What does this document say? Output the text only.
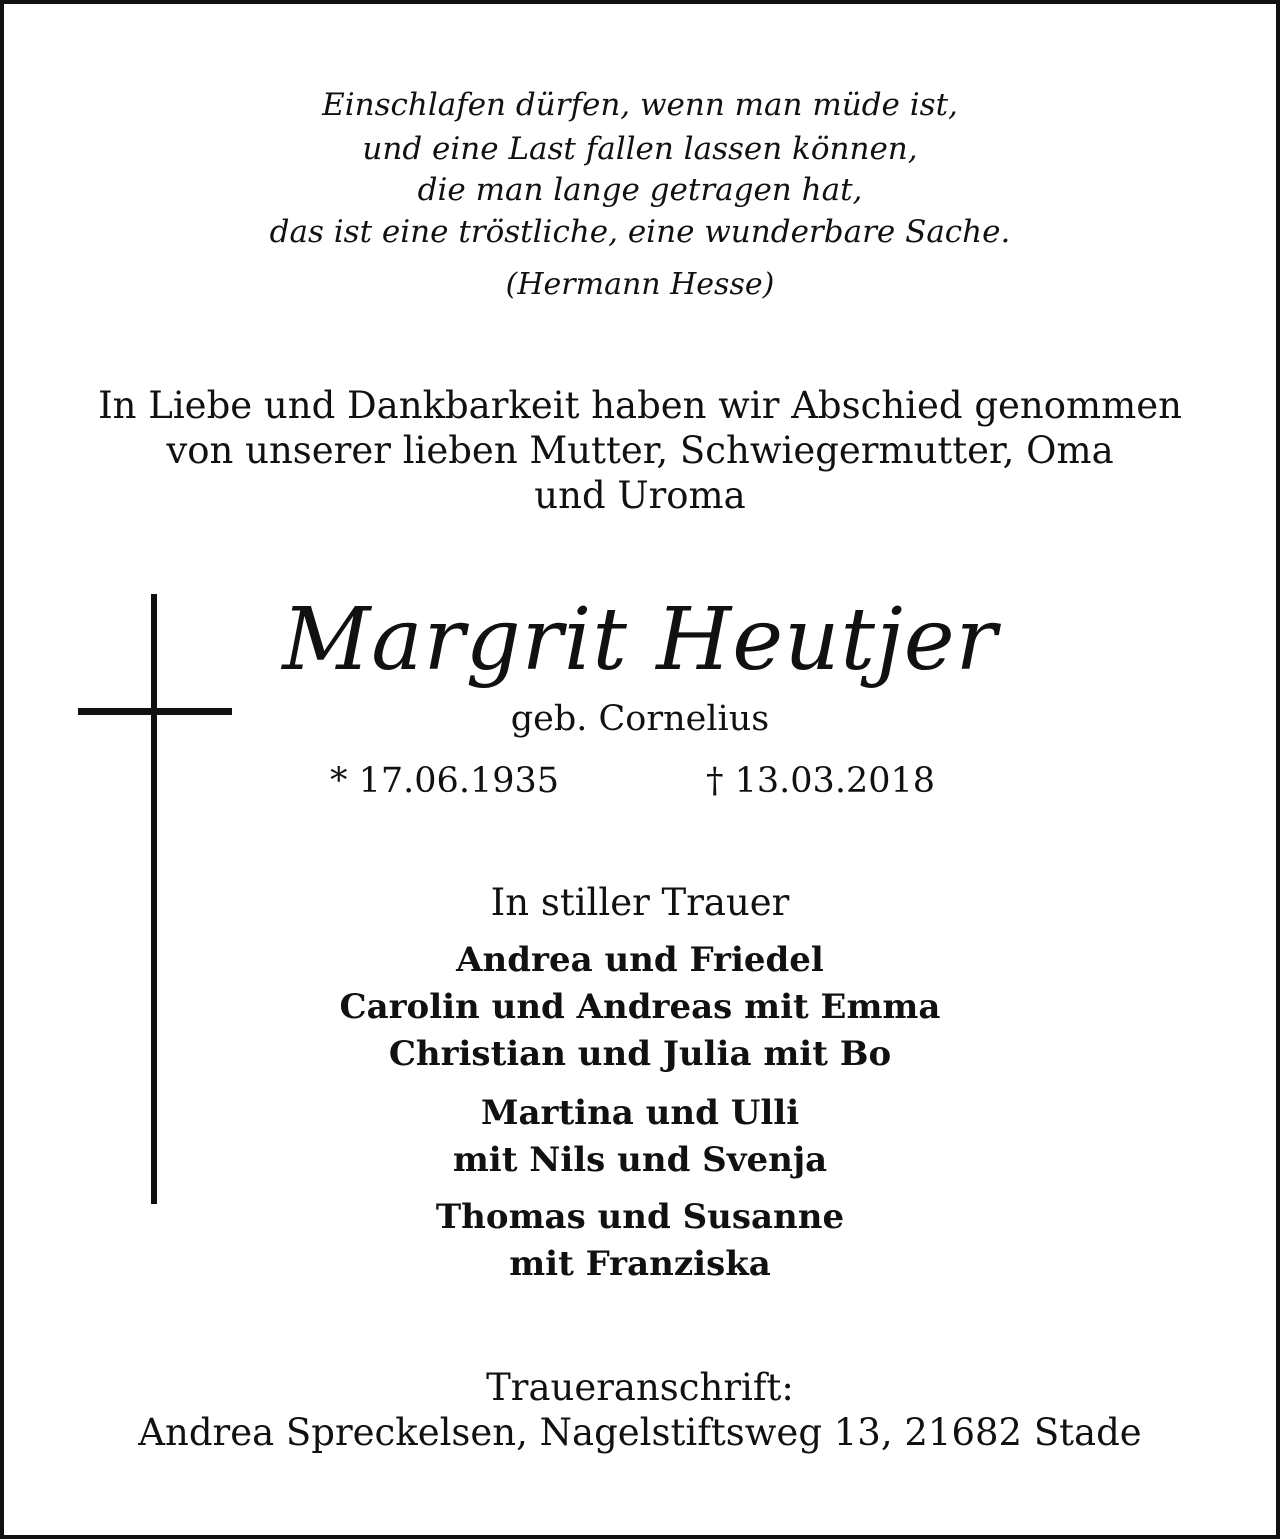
Einschlafen dürfen, wenn man müde ist,
und eine Last fallen lassen können,
die man lange getragen hat,
das ist eine tröstliche, eine wunderbare Sache.
(Hermann Hesse)
In Liebe und Dankbarkeit haben wir Abschied genommen
von unserer lieben Mutter, Schwiegermutter, Oma
und Uroma
Margrit Heutjer
geb. Cornelius
* 17.06.1935	† 13.03.2018
In stiller Trauer
Andrea und Friedel
Carolin und Andreas mit Emma
Christian und Julia mit Bo
Martina und Ulli
mit Nils und Svenja
Thomas und Susanne
mit Franziska
Traueranschrift:
Andrea Spreckelsen, Nagelstiftsweg 13, 21682 Stade
